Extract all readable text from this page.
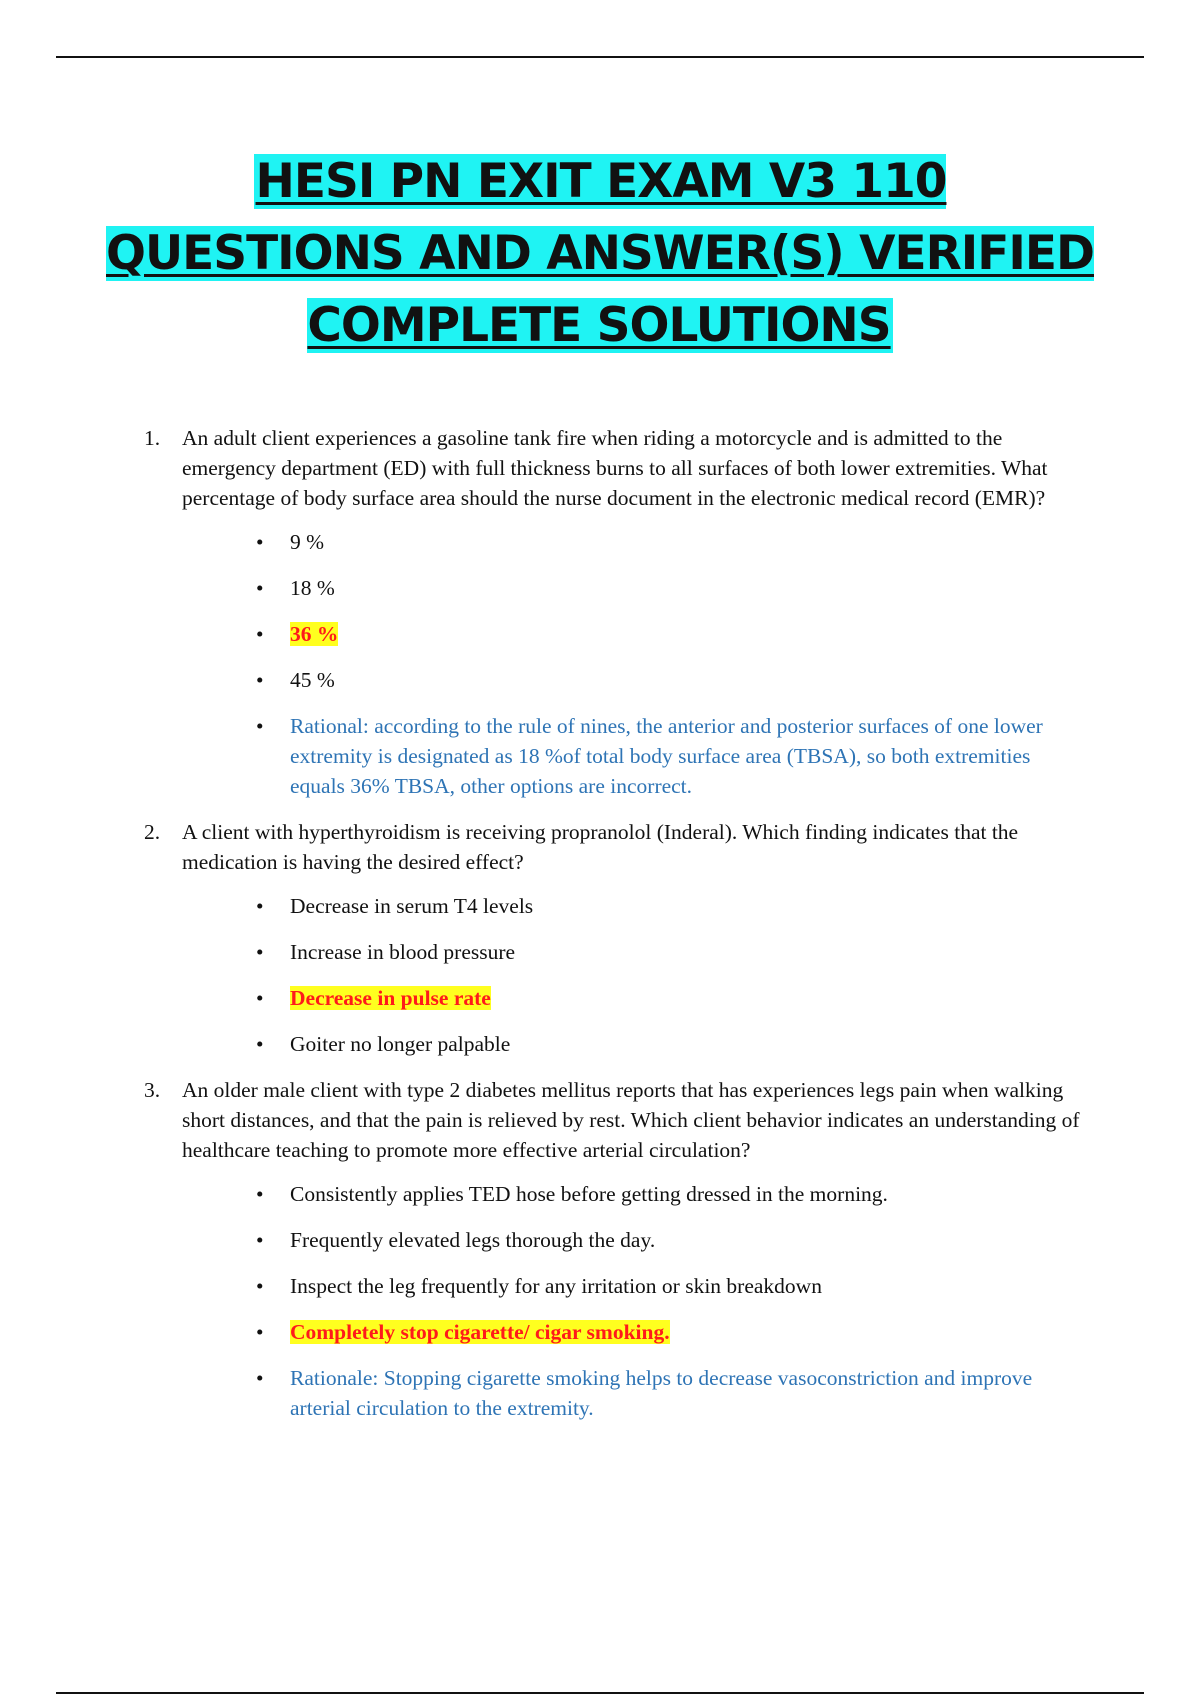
HESI PN EXIT EXAM V3 110 QUESTIONS AND ANSWER(S) VERIFIED COMPLETE SOLUTIONS
1. An adult client experiences a gasoline tank fire when riding a motorcycle and is admitted to the emergency department (ED) with full thickness burns to all surfaces of both lower extremities. What percentage of body surface area should the nurse document in the electronic medical record (EMR)?
• 9 %
• 18 %
• 36 %
• 45 %
• Rational: according to the rule of nines, the anterior and posterior surfaces of one lower extremity is designated as 18 %of total body surface area (TBSA), so both extremities equals 36% TBSA, other options are incorrect.
2. A client with hyperthyroidism is receiving propranolol (Inderal). Which finding indicates that the medication is having the desired effect?
• Decrease in serum T4 levels
• Increase in blood pressure
• Decrease in pulse rate
• Goiter no longer palpable
3. An older male client with type 2 diabetes mellitus reports that has experiences legs pain when walking short distances, and that the pain is relieved by rest. Which client behavior indicates an understanding of healthcare teaching to promote more effective arterial circulation?
• Consistently applies TED hose before getting dressed in the morning.
• Frequently elevated legs thorough the day.
• Inspect the leg frequently for any irritation or skin breakdown
• Completely stop cigarette/ cigar smoking.
• Rationale: Stopping cigarette smoking helps to decrease vasoconstriction and improve arterial circulation to the extremity.
